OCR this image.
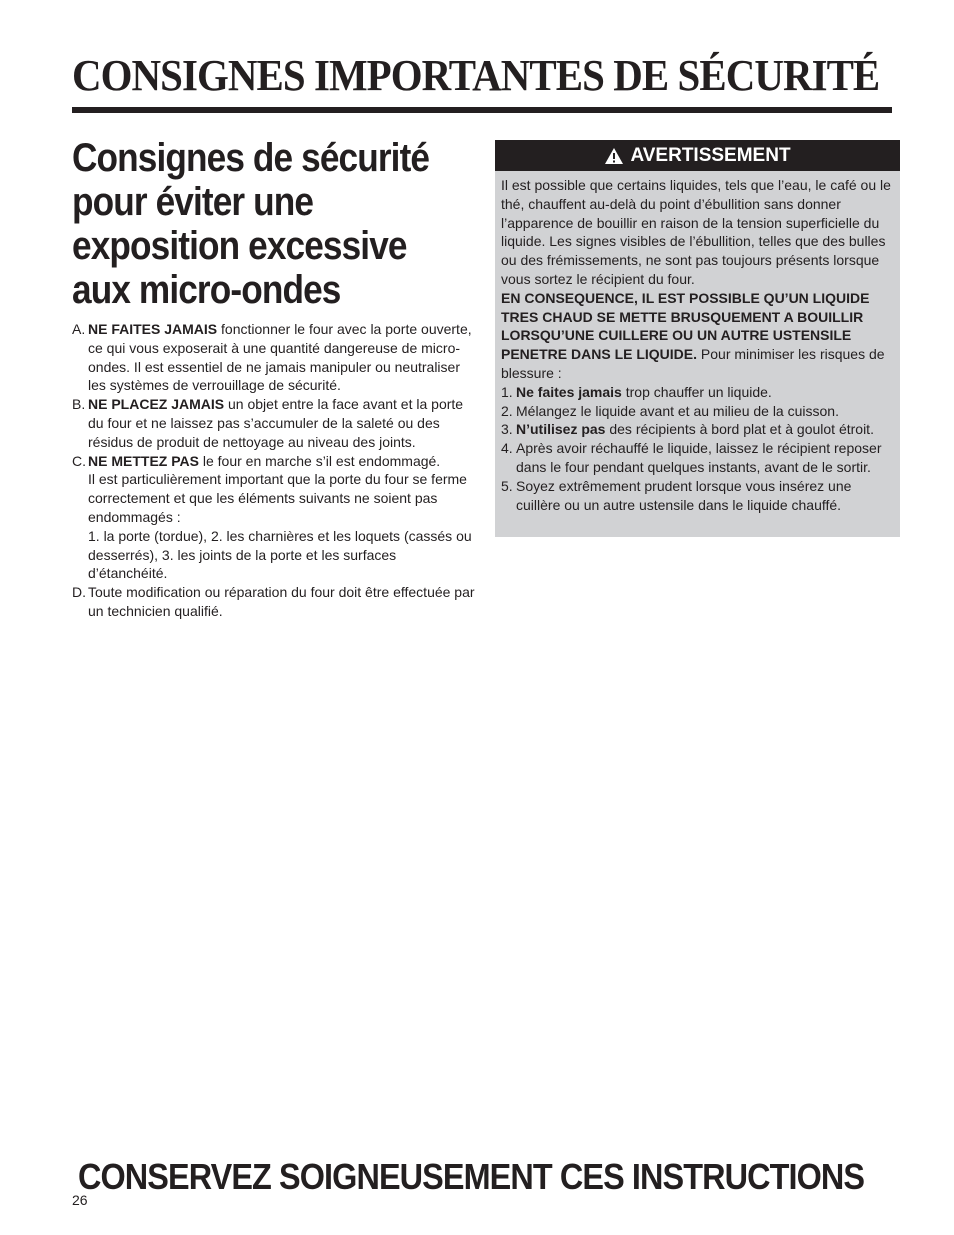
CONSIGNES IMPORTANTES DE SÉCURITÉ
Consignes de sécurité
pour éviter une
exposition excessive
aux micro-ondes
A. NE FAITES JAMAIS fonctionner le four avec la porte ouverte, ce qui vous exposerait à une quantité dangereuse de micro-ondes. Il est essentiel de ne jamais manipuler ou neutraliser les systèmes de verrouillage de sécurité.
B. NE PLACEZ JAMAIS un objet entre la face avant et la porte du four et ne laissez pas s’accumuler de la saleté ou des résidus de produit de nettoyage au niveau des joints.
C. NE METTEZ PAS le four en marche s’il est endommagé.
Il est particulièrement important que la porte du four se ferme correctement et que les éléments suivants ne soient pas endommagés :
1. la porte (tordue), 2. les charnières et les loquets (cassés ou desserrés), 3. les joints de la porte et les surfaces d’étanchéité.
D. Toute modification ou réparation du four doit être effectuée par un technicien qualifié.
AVERTISSEMENT

Il est possible que certains liquides, tels que l’eau, le café ou le thé, chauffent au-delà du point d’ébullition sans donner l’apparence de bouillir en raison de la tension superficielle du liquide. Les signes visibles de l’ébullition, telles que des bulles ou des frémissements, ne sont pas toujours présents lorsque vous sortez le récipient du four.

EN CONSEQUENCE, IL EST POSSIBLE QU’UN LIQUIDE TRES CHAUD SE METTE BRUSQUEMENT A BOUILLIR LORSQU’UNE CUILLERE OU UN AUTRE USTENSILE PENETRE DANS LE LIQUIDE. Pour minimiser les risques de blessure :

1. Ne faites jamais trop chauffer un liquide.
2. Mélangez le liquide avant et au milieu de la cuisson.
3. N’utilisez pas des récipients à bord plat et à goulot étroit.
4. Après avoir réchauffé le liquide, laissez le récipient reposer dans le four pendant quelques instants, avant de le sortir.
5. Soyez extrêmement prudent lorsque vous insérez une cuillère ou un autre ustensile dans le liquide chauffé.
CONSERVEZ SOIGNEUSEMENT CES INSTRUCTIONS
26
